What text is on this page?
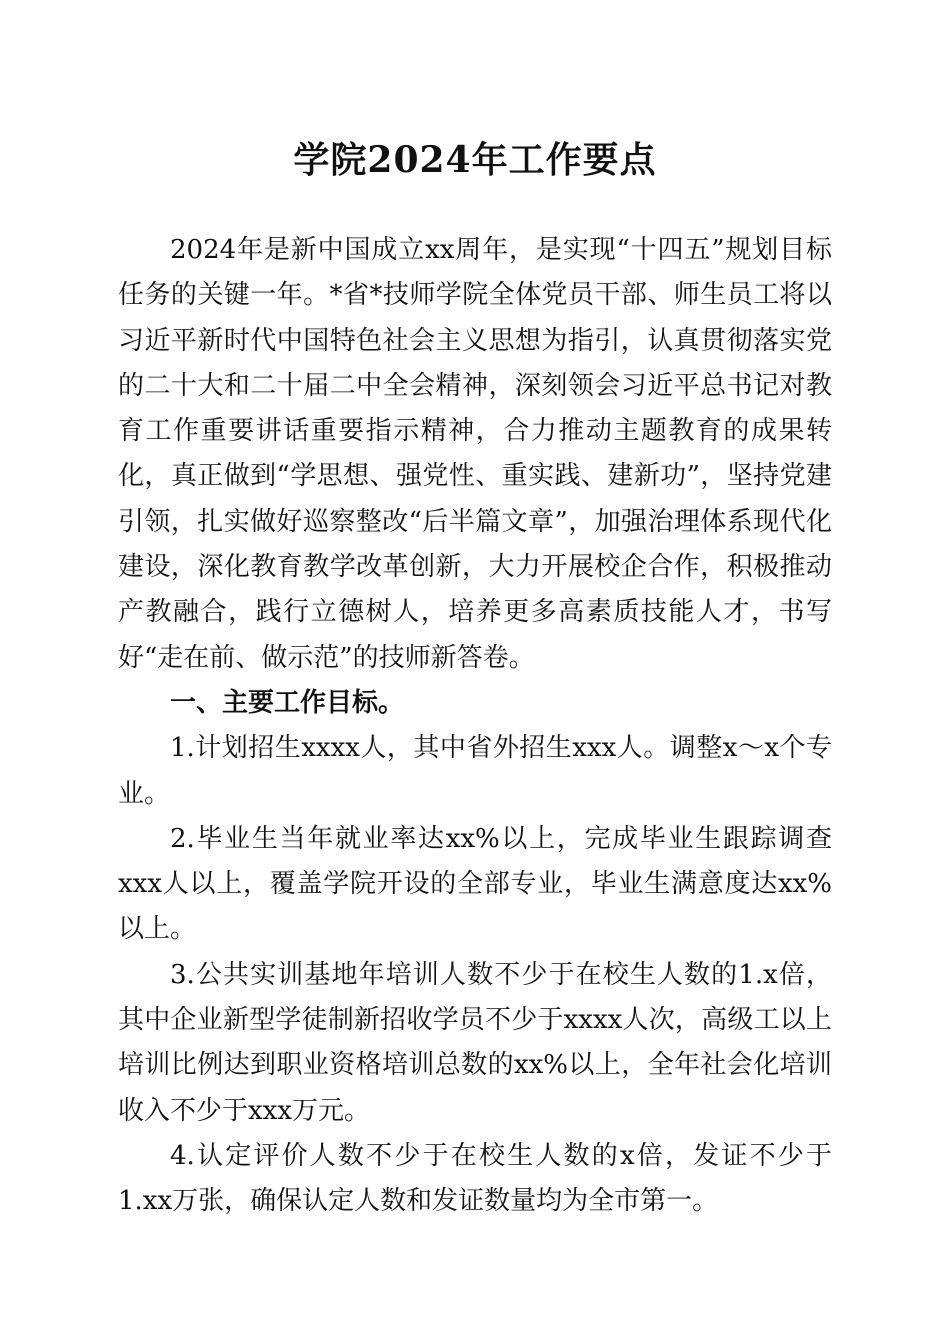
学院2024年工作要点

2024年是新中国成立xx周年，是实现“十四五”规划目标任务的关键一年。*省*技师学院全体党员干部、师生员工将以习近平新时代中国特色社会主义思想为指引，认真贯彻落实党的二十大和二十届二中全会精神，深刻领会习近平总书记对教育工作重要讲话重要指示精神，合力推动主题教育的成果转化，真正做到“学思想、强党性、重实践、建新功”，坚持党建引领，扎实做好巡察整改“后半篇文章”，加强治理体系现代化建设，深化教育教学改革创新，大力开展校企合作，积极推动产教融合，践行立德树人，培养更多高素质技能人才，书写好“走在前、做示范”的技师新答卷。

一、主要工作目标。

1.计划招生xxxx人，其中省外招生xxx人。调整x～x个专业。

2.毕业生当年就业率达xx%以上，完成毕业生跟踪调查xxx人以上，覆盖学院开设的全部专业，毕业生满意度达xx%以上。

3.公共实训基地年培训人数不少于在校生人数的1.x倍，其中企业新型学徒制新招收学员不少于xxxx人次，高级工以上培训比例达到职业资格培训总数的xx%以上，全年社会化培训收入不少于xxx万元。

4.认定评价人数不少于在校生人数的x倍，发证不少于1.xx万张，确保认定人数和发证数量均为全市第一。
